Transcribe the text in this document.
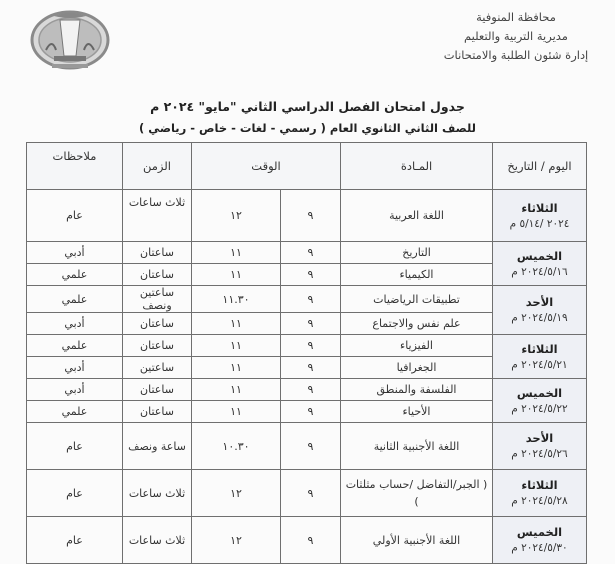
محافظة المنوفية
مديرية التربية والتعليم
إدارة شئون الطلبة والامتحانات
جدول امتحان الفصل الدراسي الثاني "مايو" ٢٠٢٤ م
للصف الثاني الثانوي العام ( رسمي - لغات - خاص - رياضي )
اليوم / التاريخ	المـادة	الوقت		الزمن	ملاحظات

الثلاثاء
٢٠٢٤ /٥/١٤ م	اللغة العربية	٩	١٢	ثلاث ساعات	عام

الخميس
٢٠٢٤/٥/١٦ م	التاريخ	٩	١١	ساعتان	أدبي
	الكيمياء	٩	١١	ساعتان	علمي

الأحد
٢٠٢٤/٥/١٩ م	تطبيقات الرياضيات	٩	١١.٣٠	ساعتين ونصف	علمي
	علم نفس والاجتماع	٩	١١	ساعتان	أدبي

الثلاثاء
٢٠٢٤/٥/٢١ م	الفيزياء	٩	١١	ساعتان	علمي
	الجغرافيا	٩	١١	ساعتين	أدبي

الخميس
٢٠٢٤/٥/٢٢ م	الفلسفة والمنطق	٩	١١	ساعتان	أدبي
	الأحياء	٩	١١	ساعتان	علمي

الأحد
٢٠٢٤/٥/٢٦ م	اللغة الأجنبية الثانية	٩	١٠.٣٠	ساعة ونصف	عام

الثلاثاء
٢٠٢٤/٥/٢٨ م	( الجبر/التفاضل /حساب مثلثات )	٩	١٢	ثلاث ساعات	عام

الخميس
٢٠٢٤/٥/٣٠ م	اللغة الأجنبية الأولي	٩	١٢	ثلاث ساعات	عام
